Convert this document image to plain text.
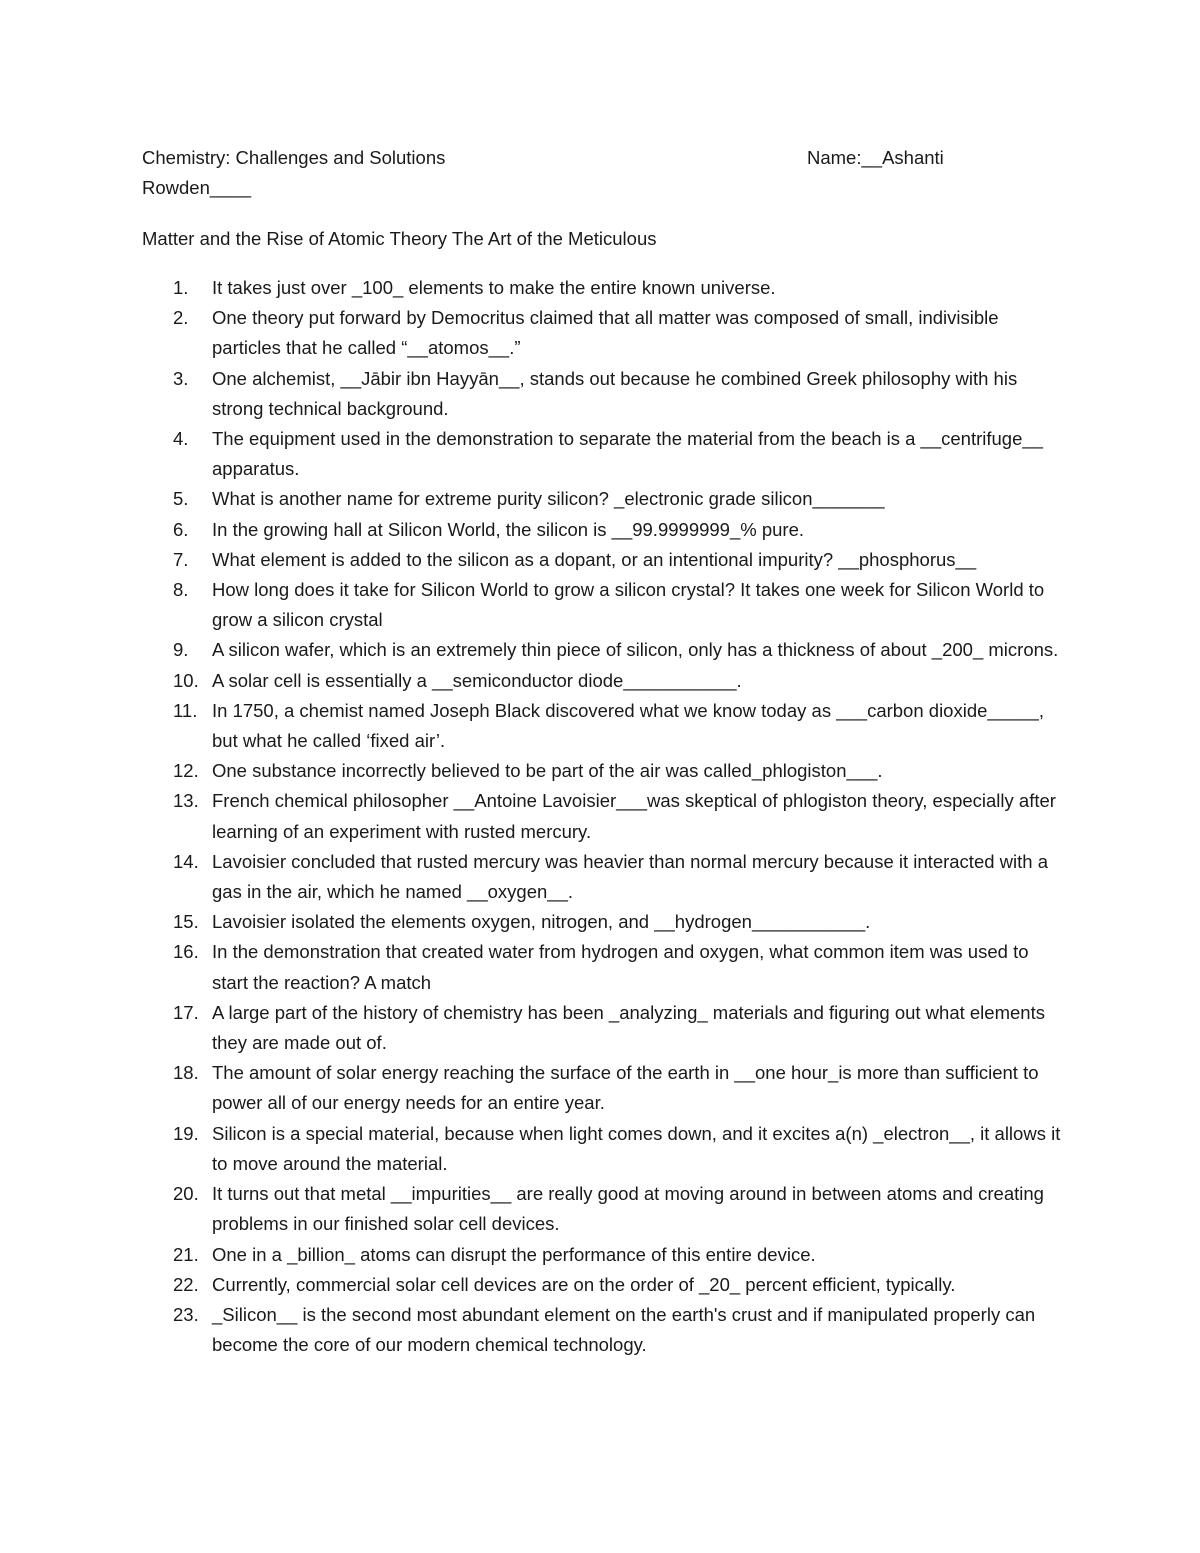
Chemistry: Challenges and Solutions	Name:__Ashanti
Rowden____
Matter and the Rise of Atomic Theory The Art of the Meticulous
1.	It takes just over _100_ elements to make the entire known universe.
2.	One theory put forward by Democritus claimed that all matter was composed of small, indivisible particles that he called “__atomos__.”
3.	One alchemist, __Jābir ibn Hayyān__, stands out because he combined Greek philosophy with his strong technical background.
4.	The equipment used in the demonstration to separate the material from the beach is a __centrifuge__ apparatus.
5.	What is another name for extreme purity silicon? _electronic grade silicon_______
6.	In the growing hall at Silicon World, the silicon is __99.9999999_% pure.
7.	What element is added to the silicon as a dopant, or an intentional impurity? __phosphorus__
8.	How long does it take for Silicon World to grow a silicon crystal? It takes one week for Silicon World to grow a silicon crystal
9.	A silicon wafer, which is an extremely thin piece of silicon, only has a thickness of about _200_ microns.
10. A solar cell is essentially a __semiconductor diode___________.
11. In 1750, a chemist named Joseph Black discovered what we know today as ___carbon dioxide_____, but what he called ‘fixed air’.
12. One substance incorrectly believed to be part of the air was called_phlogiston___.
13. French chemical philosopher __Antoine Lavoisier___was skeptical of phlogiston theory, especially after learning of an experiment with rusted mercury.
14. Lavoisier concluded that rusted mercury was heavier than normal mercury because it interacted with a gas in the air, which he named __oxygen__.
15. Lavoisier isolated the elements oxygen, nitrogen, and __hydrogen___________.
16. In the demonstration that created water from hydrogen and oxygen, what common item was used to start the reaction? A match
17. A large part of the history of chemistry has been _analyzing_ materials and figuring out what elements they are made out of.
18. The amount of solar energy reaching the surface of the earth in __one hour_is more than sufficient to power all of our energy needs for an entire year.
19. Silicon is a special material, because when light comes down, and it excites a(n) _electron__, it allows it to move around the material.
20. It turns out that metal __impurities__ are really good at moving around in between atoms and creating problems in our finished solar cell devices.
21. One in a _billion_ atoms can disrupt the performance of this entire device.
22. Currently, commercial solar cell devices are on the order of _20_ percent efficient, typically.
23. _Silicon__ is the second most abundant element on the earth's crust and if manipulated properly can become the core of our modern chemical technology.
